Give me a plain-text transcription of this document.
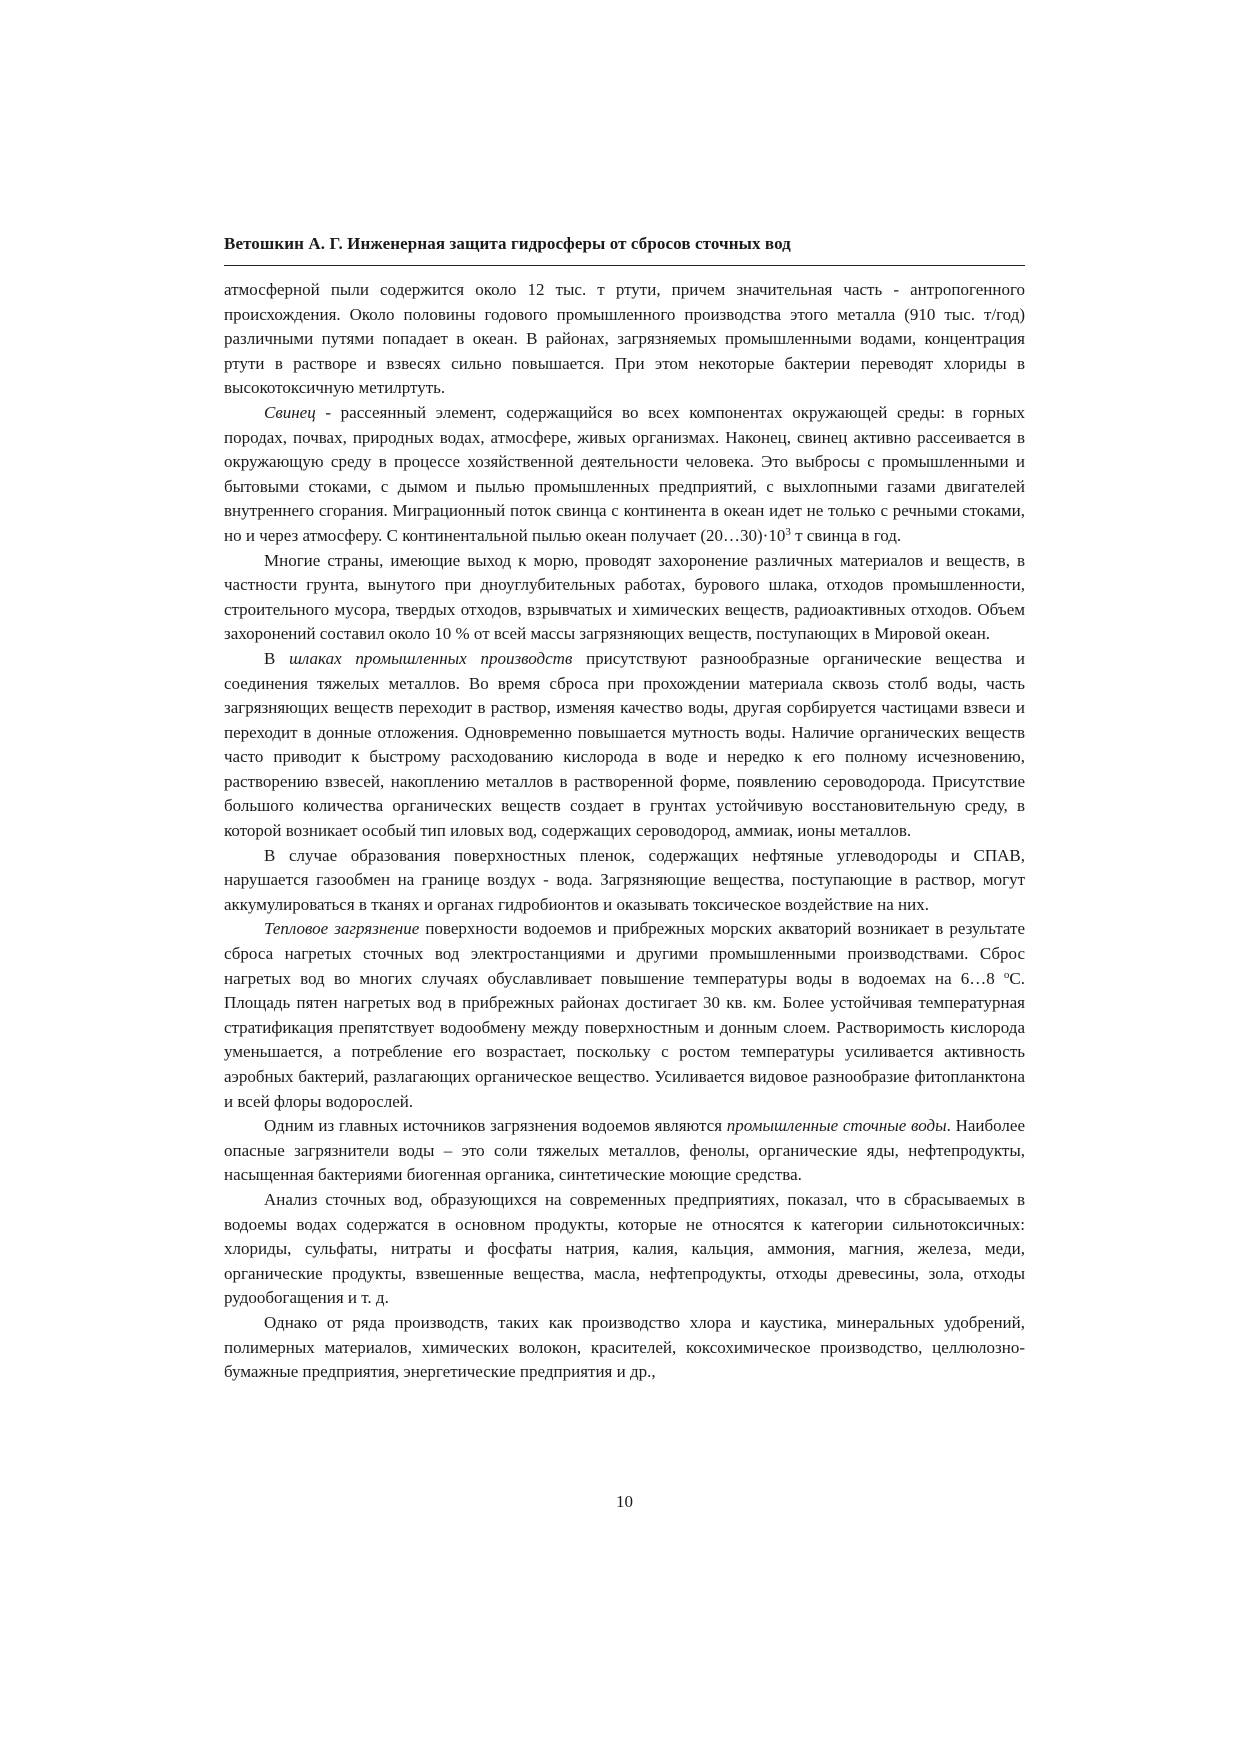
Ветошкин А. Г. Инженерная защита гидросферы от сбросов сточных вод

атмосферной пыли содержится около 12 тыс. т ртути, причем значительная часть - антропогенного происхождения. Около половины годового промышленного производства этого металла (910 тыс. т/год) различными путями попадает в океан. В районах, загрязняемых промышленными водами, концентрация ртути в растворе и взвесях сильно повышается. При этом некоторые бактерии переводят хлориды в высокотоксичную метилртуть.

Свинец - рассеянный элемент, содержащийся во всех компонентах окружающей среды: в горных породах, почвах, природных водах, атмосфере, живых организмах. Наконец, свинец активно рассеивается в окружающую среду в процессе хозяйственной деятельности человека. Это выбросы с промышленными и бытовыми стоками, с дымом и пылью промышленных предприятий, с выхлопными газами двигателей внутреннего сгорания. Миграционный поток свинца с континента в океан идет не только с речными стоками, но и через атмосферу. С континентальной пылью океан получает $(20\dots 30)\cdot 10^3$ т свинца в год.

Многие страны, имеющие выход к морю, проводят захоронение различных материалов и веществ, в частности грунта, вынутого при дноуглубительных работах, бурового шлака, отходов промышленности, строительного мусора, твердых отходов, взрывчатых и химических веществ, радиоактивных отходов. Объем захоронений составил около 10 % от всей массы загрязняющих веществ, поступающих в Мировой океан.

В шлаках промышленных производств присутствуют разнообразные органические вещества и соединения тяжелых металлов. Во время сброса при прохождении материала сквозь столб воды, часть загрязняющих веществ переходит в раствор, изменяя качество воды, другая сорбируется частицами взвеси и переходит в донные отложения. Одновременно повышается мутность воды. Наличие органических веществ часто приводит к быстрому расходованию кислорода в воде и нередко к его полному исчезновению, растворению взвесей, накоплению металлов в растворенной форме, появлению сероводорода. Присутствие большого количества органических веществ создает в грунтах устойчивую восстановительную среду, в которой возникает особый тип иловых вод, содержащих сероводород, аммиак, ионы металлов.

В случае образования поверхностных пленок, содержащих нефтяные углеводороды и СПАВ, нарушается газообмен на границе воздух - вода. Загрязняющие вещества, поступающие в раствор, могут аккумулироваться в тканях и органах гидробионтов и оказывать токсическое воздействие на них.

Тепловое загрязнение поверхности водоемов и прибрежных морских акваторий возникает в результате сброса нагретых сточных вод электростанциями и другими промышленными производствами. Сброс нагретых вод во многих случаях обуславливает повышение температуры воды в водоемах на 6…8 $^о$С. Площадь пятен нагретых вод в прибрежных районах достигает 30 кв. км. Более устойчивая температурная стратификация препятствует водообмену между поверхностным и донным слоем. Растворимость кислорода уменьшается, а потребление его возрастает, поскольку с ростом температуры усиливается активность аэробных бактерий, разлагающих органическое вещество. Усиливается видовое разнообразие фитопланктона и всей флоры водорослей.

Одним из главных источников загрязнения водоемов являются промышленные сточные воды. Наиболее опасные загрязнители воды – это соли тяжелых металлов, фенолы, органические яды, нефтепродукты, насыщенная бактериями биогенная органика, синтетические моющие средства.

Анализ сточных вод, образующихся на современных предприятиях, показал, что в сбрасываемых в водоемы водах содержатся в основном продукты, которые не относятся к категории сильнотоксичных: хлориды, сульфаты, нитраты и фосфаты натрия, калия, кальция, аммония, магния, железа, меди, органические продукты, взвешенные вещества, масла, нефтепродукты, отходы древесины, зола, отходы рудообогащения и т. д.

Однако от ряда производств, таких как производство хлора и каустика, минеральных удобрений, полимерных материалов, химических волокон, красителей, коксохимическое производство, целлюлозно-бумажные предприятия, энергетические предприятия и др.,

10
